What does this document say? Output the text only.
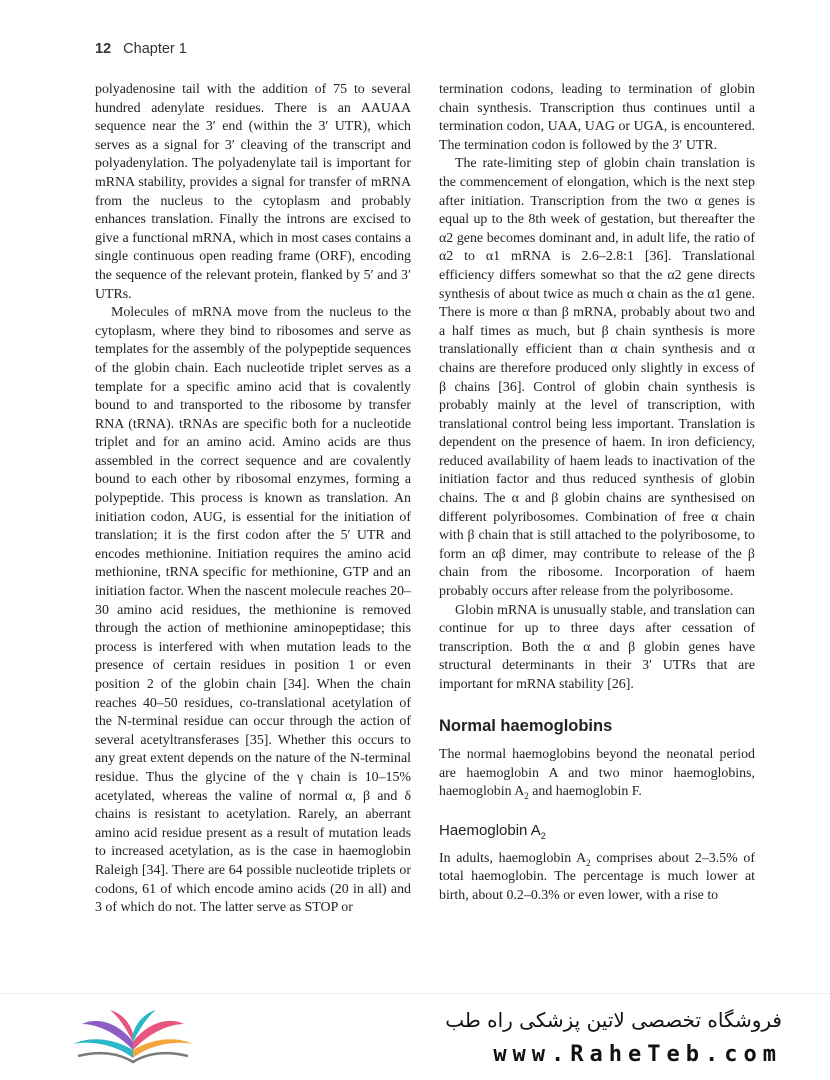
12 Chapter 1

polyadenosine tail with the addition of 75 to several hundred adenylate residues. There is an AAUAA sequence near the 3′ end (within the 3′ UTR), which serves as a signal for 3′ cleaving of the transcript and polyadenylation. The polyadenylate tail is important for mRNA stability, provides a signal for transfer of mRNA from the nucleus to the cytoplasm and probably enhances translation. Finally the introns are excised to give a functional mRNA, which in most cases contains a single continuous open reading frame (ORF), encoding the sequence of the relevant protein, flanked by 5′ and 3′ UTRs.

Molecules of mRNA move from the nucleus to the cytoplasm, where they bind to ribosomes and serve as templates for the assembly of the polypeptide sequences of the globin chain. Each nucleotide triplet serves as a template for a specific amino acid that is covalently bound to and transported to the ribosome by transfer RNA (tRNA). tRNAs are specific both for a nucleotide triplet and for an amino acid. Amino acids are thus assembled in the correct sequence and are covalently bound to each other by ribosomal enzymes, forming a polypeptide. This process is known as translation. An initiation codon, AUG, is essential for the initiation of translation; it is the first codon after the 5′ UTR and encodes methionine. Initiation requires the amino acid methionine, tRNA specific for methionine, GTP and an initiation factor. When the nascent molecule reaches 20–30 amino acid residues, the methionine is removed through the action of methionine aminopeptidase; this process is interfered with when mutation leads to the presence of certain residues in position 1 or even position 2 of the globin chain [34]. When the chain reaches 40–50 residues, co-translational acetylation of the N-terminal residue can occur through the action of several acetyltransferases [35]. Whether this occurs to any great extent depends on the nature of the N-terminal residue. Thus the glycine of the γ chain is 10–15% acetylated, whereas the valine of normal α, β and δ chains is resistant to acetylation. Rarely, an aberrant amino acid residue present as a result of mutation leads to increased acetylation, as is the case in haemoglobin Raleigh [34]. There are 64 possible nucleotide triplets or codons, 61 of which encode amino acids (20 in all) and 3 of which do not. The latter serve as STOP or

termination codons, leading to termination of globin chain synthesis. Transcription thus continues until a termination codon, UAA, UAG or UGA, is encountered. The termination codon is followed by the 3′ UTR.

The rate-limiting step of globin chain translation is the commencement of elongation, which is the next step after initiation. Transcription from the two α genes is equal up to the 8th week of gestation, but thereafter the α2 gene becomes dominant and, in adult life, the ratio of α2 to α1 mRNA is 2.6–2.8:1 [36]. Translational efficiency differs somewhat so that the α2 gene directs synthesis of about twice as much α chain as the α1 gene. There is more α than β mRNA, probably about two and a half times as much, but β chain synthesis is more translationally efficient than α chain synthesis and α chains are therefore produced only slightly in excess of β chains [36]. Control of globin chain synthesis is probably mainly at the level of transcription, with translational control being less important. Translation is dependent on the presence of haem. In iron deficiency, reduced availability of haem leads to inactivation of the initiation factor and thus reduced synthesis of globin chains. The α and β globin chains are synthesised on different polyribosomes. Combination of free α chain with β chain that is still attached to the polyribosome, to form an αβ dimer, may contribute to release of the β chain from the ribosome. Incorporation of haem probably occurs after release from the polyribosome.

Globin mRNA is unusually stable, and translation can continue for up to three days after cessation of transcription. Both the α and β globin genes have structural determinants in their 3′ UTRs that are important for mRNA stability [26].

Normal haemoglobins

The normal haemoglobins beyond the neonatal period are haemoglobin A and two minor haemoglobins, haemoglobin $A_2$ and haemoglobin F.

Haemoglobin $A_2$

In adults, haemoglobin $A_2$ comprises about 2–3.5% of total haemoglobin. The percentage is much lower at birth, about 0.2–0.3% or even lower, with a rise to

فروشگاه تخصصی لاتین پزشکی راه طب
www.RaheTeb.com
